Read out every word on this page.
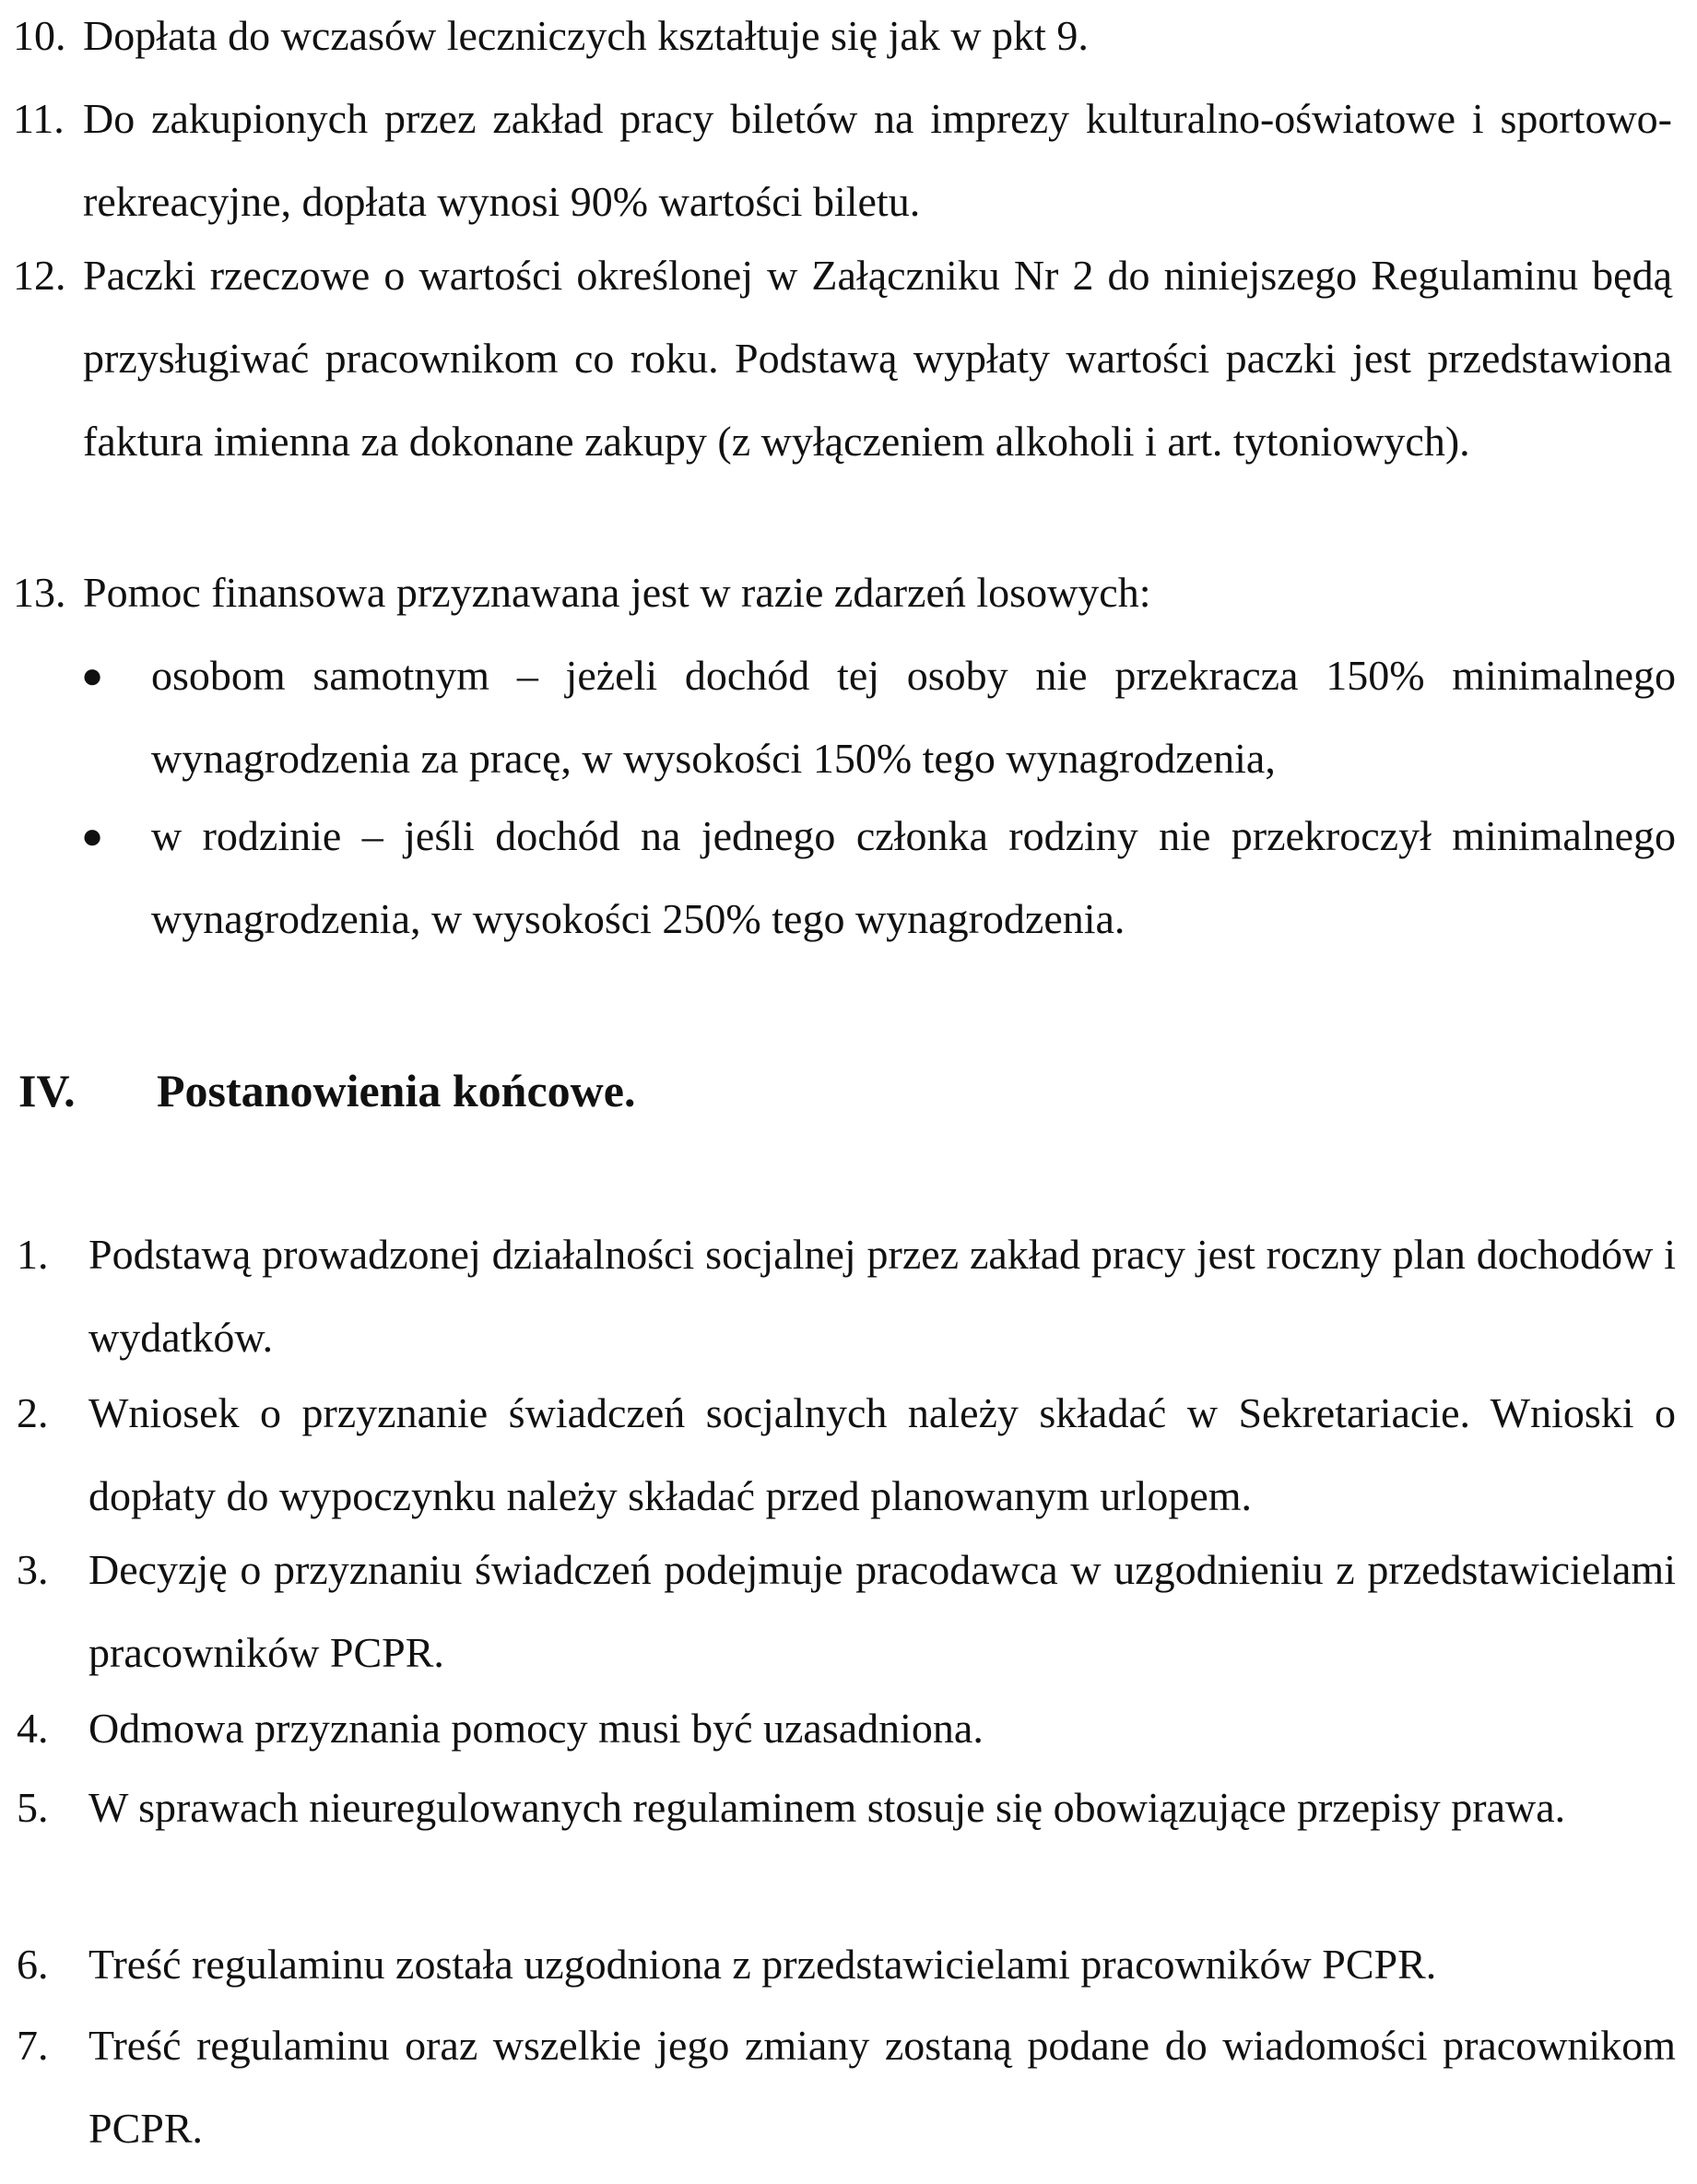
10. Dopłata do wczasów leczniczych kształtuje się jak w pkt 9.
11. Do zakupionych przez zakład pracy biletów na imprezy kulturalno-oświatowe i sportowo-rekreacyjne, dopłata wynosi 90% wartości biletu.
12. Paczki rzeczowe o wartości określonej w Załączniku Nr 2 do niniejszego Regulaminu będą przysługiwać pracownikom co roku. Podstawą wypłaty wartości paczki jest przedstawiona faktura imienna za dokonane zakupy (z wyłączeniem alkoholi i art. tytoniowych).
13. Pomoc finansowa przyznawana jest w razie zdarzeń losowych:
● osobom samotnym – jeżeli dochód tej osoby nie przekracza 150% minimalnego wynagrodzenia za pracę, w wysokości 150% tego wynagrodzenia,
● w rodzinie – jeśli dochód na jednego członka rodziny nie przekroczył minimalnego wynagrodzenia, w wysokości 250% tego wynagrodzenia.
IV. Postanowienia końcowe.
1. Podstawą prowadzonej działalności socjalnej przez zakład pracy jest roczny plan dochodów i wydatków.
2. Wniosek o przyznanie świadczeń socjalnych należy składać w Sekretariacie. Wnioski o dopłaty do wypoczynku należy składać przed planowanym urlopem.
3. Decyzję o przyznaniu świadczeń podejmuje pracodawca w uzgodnieniu z przedstawicielami pracowników PCPR.
4. Odmowa przyznania pomocy musi być uzasadniona.
5. W sprawach nieuregulowanych regulaminem stosuje się obowiązujące przepisy prawa.
6. Treść regulaminu została uzgodniona z przedstawicielami pracowników PCPR.
7. Treść regulaminu oraz wszelkie jego zmiany zostaną podane do wiadomości pracownikom PCPR.
